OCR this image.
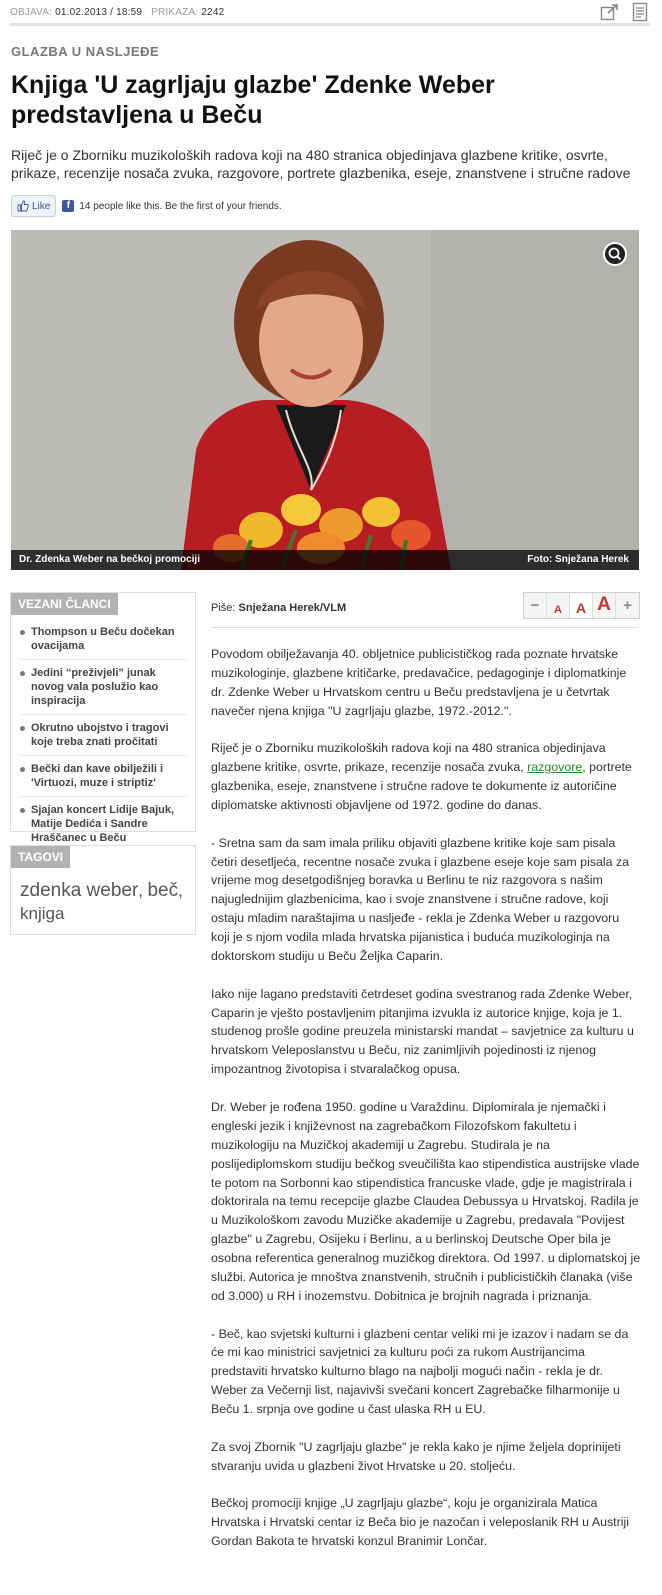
OBJAVA: 01.02.2013 / 18:59 PRIKAZA: 2242
GLAZBA U NASLJEĐE
Knjiga 'U zagrljaju glazbe' Zdenke Weber predstavljena u Beču
Riječ je o Zborniku muzikoloških radova koji na 480 stranica objedinjava glazbene kritike, osvrte, prikaze, recenzije nosača zvuka, razgovore, portrete glazbenika, eseje, znanstvene i stručne radove
Like	f 14 people like this. Be the first of your friends.
Dr. Zdenka Weber na bečkoj promociji	Foto: Snježana Herek
VEZANI ČLANCI
Thompson u Beču dočekan ovacijama
Jedini “preživjeli” junak novog vala poslužio kao inspiracija
Okrutno ubojstvo i tragovi koje treba znati pročitati
Bečki dan kave obilježili i 'Virtuozi, muze i striptiz'
Sjajan koncert Lidije Bajuk, Matije Dedića i Sandre Hraščanec u Beču
TAGOVI
zdenka weber, beč, knjiga
Piše: Snježana Herek/VLM	−	A A A +

Povodom obilježavanja 40. obljetnice publicističkog rada poznate hrvatske muzikologinje, glazbene kritičarke, predavačice, pedagoginje i diplomatkinje dr. Zdenke Weber u Hrvatskom centru u Beču predstavljena je u četvrtak navečer njena knjiga "U zagrljaju glazbe, 1972.-2012.".

Riječ je o Zborniku muzikoloških radova koji na 480 stranica objedinjava glazbene kritike, osvrte, prikaze, recenzije nosača zvuka, razgovore, portrete glazbenika, eseje, znanstvene i stručne radove te dokumente iz autoričine diplomatske aktivnosti objavljene od 1972. godine do danas.

- Sretna sam da sam imala priliku objaviti glazbene kritike koje sam pisala četiri desetljeća, recentne nosače zvuka i glazbene eseje koje sam pisala za vrijeme mog desetgodišnjeg boravka u Berlinu te niz razgovora s našim najuglednijim glazbenicima, kao i svoje znanstvene i stručne radove, koji ostaju mladim naraštajima u nasljeđe - rekla je Zdenka Weber u razgovoru koji je s njom vodila mlada hrvatska pijanistica i buduća muzikologinja na doktorskom studiju u Beču Željka Caparin.

Iako nije lagano predstaviti četrdeset godina svestranog rada Zdenke Weber, Caparin je vješto postavljenim pitanjima izvukla iz autorice knjige, koja je 1. studenog prošle godine preuzela ministarski mandat – savjetnice za kulturu u hrvatskom Veleposlanstvu u Beču, niz zanimljivih pojedinosti iz njenog impozantnog životopisa i stvaralačkog opusa.

Dr. Weber je rođena 1950. godine u Varaždinu. Diplomirala je njemački i engleski jezik i književnost na zagrebačkom Filozofskom fakultetu i muzikologiju na Muzičkoj akademiji u Zagrebu. Studirala je na poslijediplomskom studiju bečkog sveučilišta kao stipendistica austrijske vlade te potom na Sorbonni kao stipendistica francuske vlade, gdje je magistrirala i doktorirala na temu recepcije glazbe Claudea Debussya u Hrvatskoj. Radila je u Muzikološkom zavodu Muzičke akademije u Zagrebu, predavala "Povijest glazbe" u Zagrebu, Osijeku i Berlinu, a u berlinskoj Deutsche Oper bila je osobna referentica generalnog muzičkog direktora. Od 1997. u diplomatskoj je službi. Autorica je mnoštva znanstvenih, stručnih i publicističkih članaka (više od 3.000) u RH i inozemstvu. Dobitnica je brojnih nagrada i priznanja.

- Beč, kao svjetski kulturni i glazbeni centar veliki mi je izazov i nadam se da će mi kao ministrici savjetnici za kulturu poći za rukom Austrijancima predstaviti hrvatsko kulturno blago na najbolji mogući način - rekla je dr. Weber za Večernji list, najavivši svečani koncert Zagrebačke filharmonije u Beču 1. srpnja ove godine u čast ulaska RH u EU.

Za svoj Zbornik "U zagrljaju glazbe" je rekla kako je njime željela doprinijeti stvaranju uvida u glazbeni život Hrvatske u 20. stoljeću.

Bečkoj promociji knjige „U zagrljaju glazbe“, koju je organizirala Matica Hrvatska i Hrvatski centar iz Beča bio je nazočan i veleposlanik RH u Austriji Gordan Bakota te hrvatski konzul Branimir Lončar.
